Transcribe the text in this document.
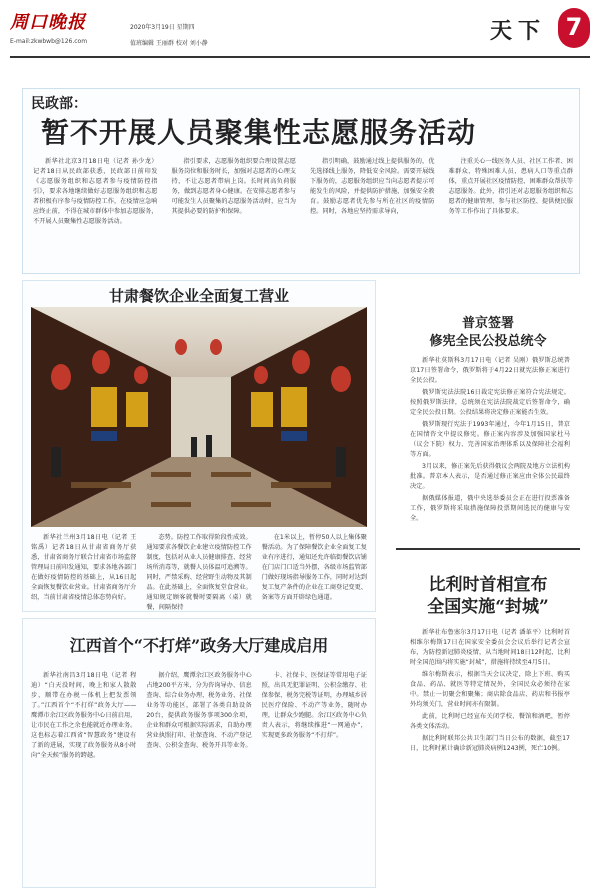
周口晚报
E-mail:zkwbwb@126.com
2020年3月19日 星期四
值班编辑 王丽群 校对 刘小静	天下 7
民政部：
暂不开展人员聚集性志愿服务活动
新华社北京3月18日电（记者 孙少龙）记者18日从民政部获悉，民政部日前印发《志愿服务组织和志愿者参与疫情防控指引》，要求各地继续做好志愿服务组织和志愿者积极有序参与疫情防控工作，在疫情应急响应终止前，不得在城市群体中参加志愿服务，不开展人员聚集性志愿服务活动。
指引要求，志愿服务组织要合理设置志愿服务岗位和服务时长，加强对志愿者的心理支持，不让志愿者带病上岗。长时间高负荷服务，做到志愿者身心健康。在安排志愿者参与可能发生人员聚集的志愿服务活动时，应当为其提供必要的防护和保障。
指引明确，鼓励通过线上提供服务的，优先选择线上服务，降低安全风险。需要开展线下服务的，志愿服务组织应当向志愿者提示可能发生的风险，并提供防护措施，加强安全教育。鼓励志愿者优先参与所在社区的疫情防控。同时，各地应坚持需求导向，
注重关心一线医务人员、社区工作者、困难群众、特殊困难人员、患病人口等重点群体，重点开展社区疫情防控、困难群众帮扶等志愿服务。此外，指引还对志愿服务组织和志愿者的健康管理、参与社区防控、提供便民服务等工作作出了具体要求。
甘肃餐饮企业全面复工营业
新华社兰州3月18日电（记者 王铭禹）记者18日从甘肃省商务厅获悉，甘肃省商务厅联合甘肃省市场监督管理局日前印发通知，要求各地各部门在做好疫情防控的基础上，从16日起全面恢复餐饮业营业。甘肃省商务厅介绍，当前甘肃省疫情总体态势向好。
态势。防控工作取得阶段性成效。通知要求各餐饮企业建立疫情防控工作制度，包括对从业人员健康排查、经营场所消毒等，就餐人员体温可追溯等。同时，严禁采购、经营野生动物及其制品。在此基础上，全面恢复堂食营业。通知规定顾客就餐时要隔离（桌）就餐，间隔保持
在1米以上，暂停50人以上集体聚餐活动。为了保障餐饮企业全面复工复业有序进行，通知还允许临街餐饮店铺在门店门口适当外摆，各级市场监管部门做好现场指导服务工作，同时对达到复工复产条件的企业在工商登记变更、备案等方面开辟绿色通道。
江西首个“不打烊”政务大厅建成启用
新华社南昌3月18日电（记者 程迪）“白天没时间，晚上和家人散散步，顺带在办税一体机上把发票领了。”江西首个“不打烊”政务大厅——鹰潭市余江区政务服务中心日前启用，让市民在工作之余也能就近办理业务。这也标志着江西省“智慧政务”建设有了新的进展，实现了政务服务从8小时向“全天候”服务的跨越。
据介绍，鹰潭余江区政务服务中心占地200平方米，分为咨询导办、信息查询、综合业务办理、税务业务、社保业务等功能区，部署了各类自助设备20台，提供政务服务事项300余项，企业和群众可根据实际需求，自助办理营业执照打印、社保查询、不动产登记查询、公积金查询、税务开具等业务。
卡、社保卡、医保证等常用电子证照，出具无犯罪证明、公积金缴存、社保参保、税务完税等证明，办理城乡居民医疗保险、不动产等业务，随时办理，让群众少跑腿。余江区政务中心负责人表示，将继续推进“一网通办”，实现更多政务服务“不打烊”。
普京签署
修宪全民公投总统令

新华社莫斯科3月17日电（记者 吴刚）俄罗斯总统普京17日签署命令，俄罗斯将于4月22日就宪法修正案进行全民公投。

俄罗斯宪法法院16日裁定宪法修正案符合宪法规定。按照俄罗斯法律，总统须在宪法法院裁定后签署命令，确定全民公投日期。公投结果将决定修正案能否生效。

俄罗斯现行宪法于1993年通过，今年1月15日，普京在国情咨文中提议修宪。修正案内容涉及加强国家杜马（议会下院）权力、完善国家治理体系以及保障社会福利等方面。

3月以来，修正案先后获得俄议会两院及地方立法机构批准。普京本人表示，是否通过修正案应由全体公民最终决定。

据俄媒体报道，俄中央选举委员会正在进行投票准备工作，俄罗斯将采取措施保障投票期间选民的健康与安全。

比利时首相宣布
全国实施“封城”

新华社布鲁塞尔3月17日电（记者 潘革平）比利时首相维尔梅斯17日在国家安全委员会会议后举行记者会宣布，为防控新冠肺炎疫情，从当地时间18日12时起，比利时全国范围内将实施“封城”，措施将持续至4月5日。

维尔梅斯表示，根据当天会议决定，除上下班、购买食品、药品、就医等特定情况外，全国民众必须待在家中。禁止一切聚会和聚集；商店除食品店、药店和书报亭外均须关门，营业时间亦有限制。

此前，比利时已经宣布关闭学校、餐馆和酒吧，暂停各类文体活动。

据比利时联邦公共卫生部门当日公布的数据，截至17日，比利时累计确诊新冠肺炎病例1243例，死亡10例。
